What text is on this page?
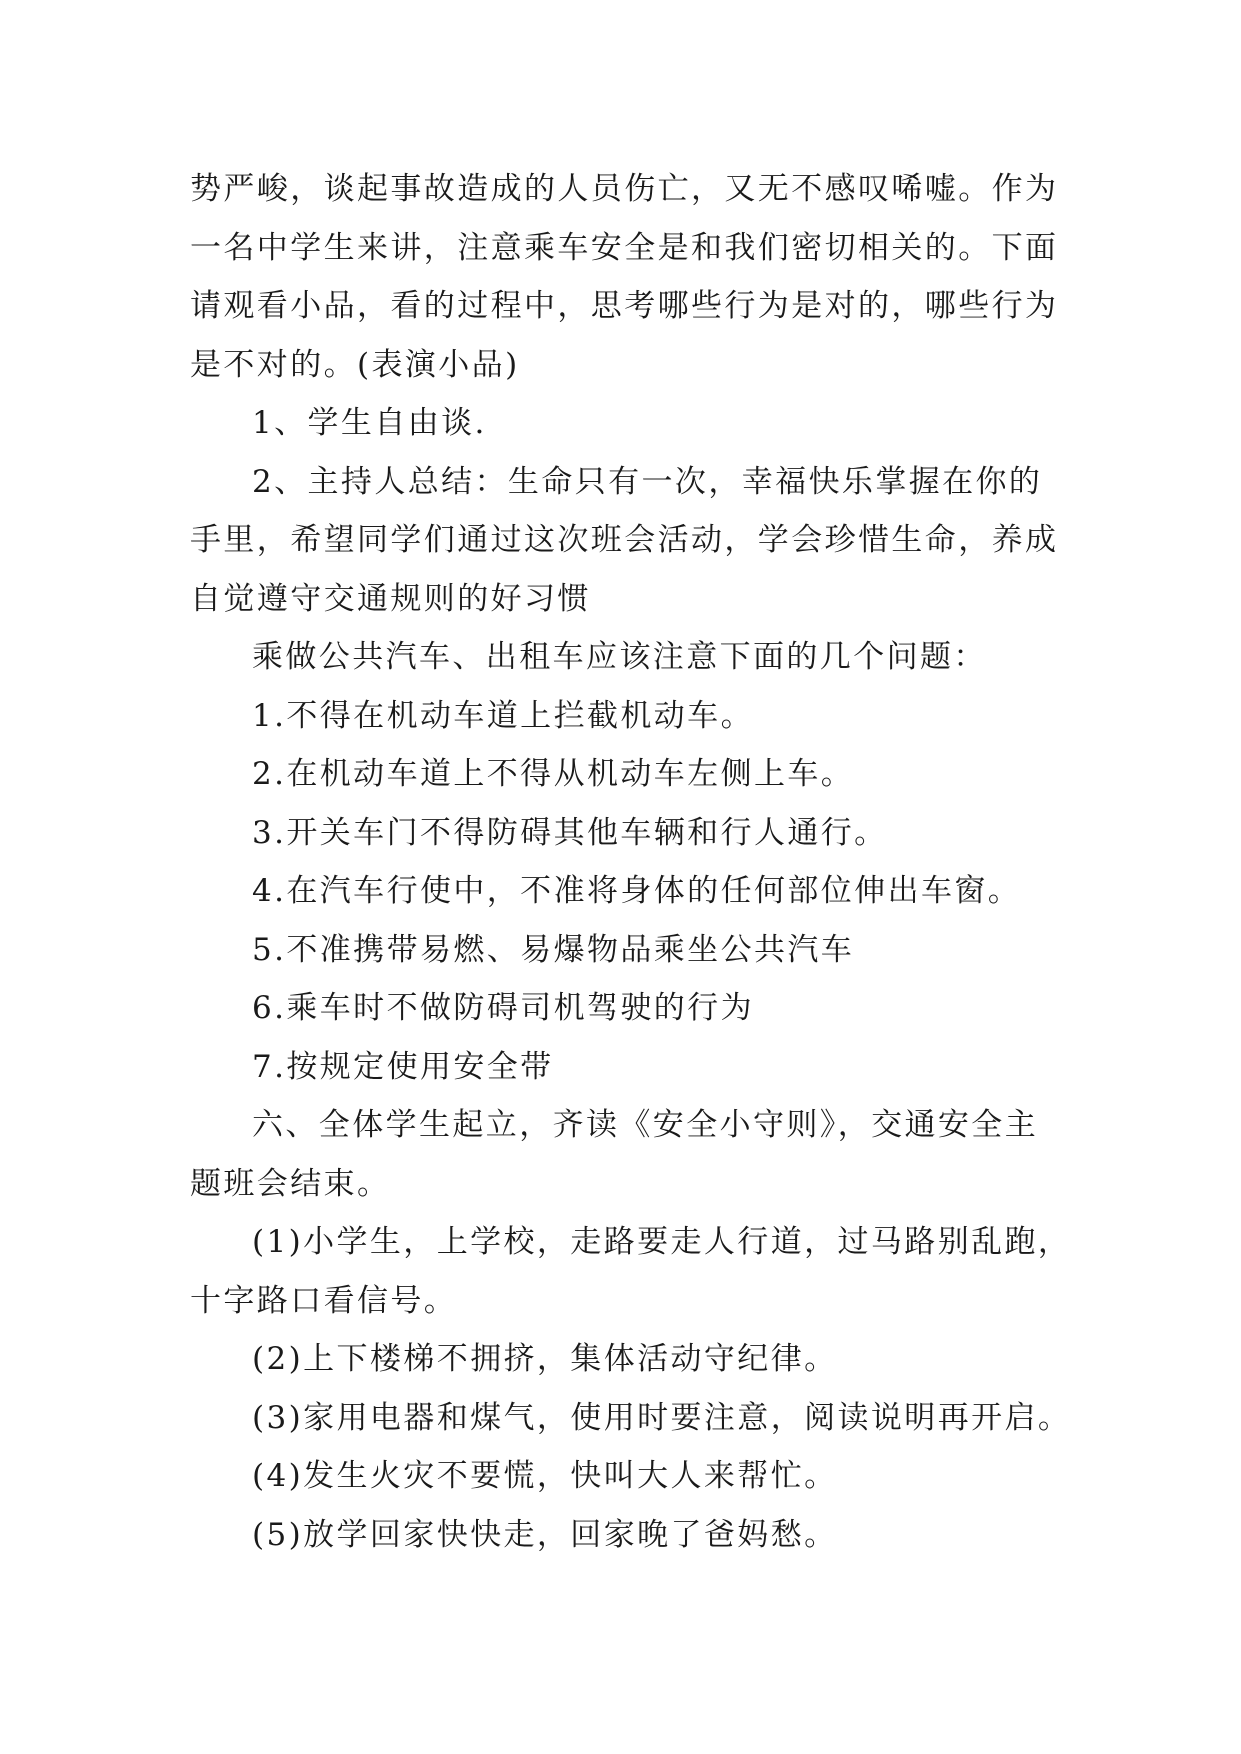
势严峻，谈起事故造成的人员伤亡，又无不感叹唏嘘。作为
一名中学生来讲，注意乘车安全是和我们密切相关的。下面
请观看小品，看的过程中，思考哪些行为是对的，哪些行为
是不对的。(表演小品)
1、学生自由谈.
2、主持人总结：生命只有一次，幸福快乐掌握在你的
手里，希望同学们通过这次班会活动，学会珍惜生命，养成
自觉遵守交通规则的好习惯
乘做公共汽车、出租车应该注意下面的几个问题：
1.不得在机动车道上拦截机动车。
2.在机动车道上不得从机动车左侧上车。
3.开关车门不得防碍其他车辆和行人通行。
4.在汽车行使中，不准将身体的任何部位伸出车窗。
5.不准携带易燃、易爆物品乘坐公共汽车
6.乘车时不做防碍司机驾驶的行为
7.按规定使用安全带
六、全体学生起立，齐读《安全小守则》，交通安全主
题班会结束。
(1)小学生，上学校，走路要走人行道，过马路别乱跑，
十字路口看信号。
(2)上下楼梯不拥挤，集体活动守纪律。
(3)家用电器和煤气，使用时要注意，阅读说明再开启。
(4)发生火灾不要慌，快叫大人来帮忙。
(5)放学回家快快走，回家晚了爸妈愁。
